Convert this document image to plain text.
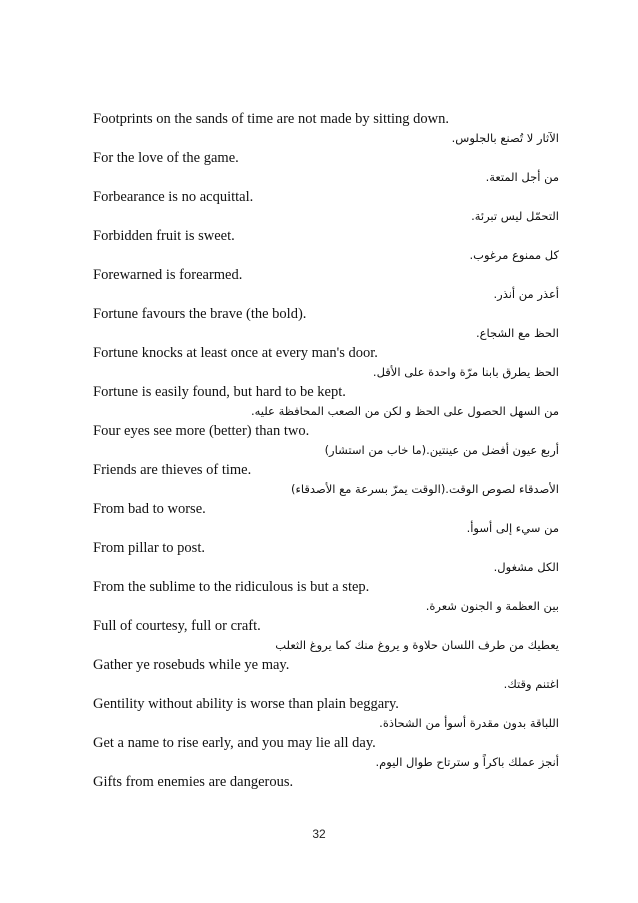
Footprints on the sands of time are not made by sitting down.

الآثار لا تُصنع بالجلوس.

For the love of the game.

من أجل المتعة.

Forbearance is no acquittal.

التحمّل ليس تبرئة.

Forbidden fruit is sweet.

كل ممنوع مرغوب.

Forewarned is forearmed.

أعذر من أنذر.

Fortune favours the brave (the bold).

الحظ مع الشجاع.

Fortune knocks at least once at every man's door.

الحظ يطرق بابنا مرّة واحدة على الأقل.

Fortune is easily found, but hard to be kept.

من السهل الحصول على الحظ و لكن من الصعب المحافظة عليه.

Four eyes see more (better) than two.

أربع عيون أفضل من عينتين.(ما خاب من استشار)

Friends are thieves of time.

الأصدقاء لصوص الوقت.(الوقت يمرّ بسرعة مع الأصدقاء)

From bad to worse.

من سيء إلى أسوأ.

From pillar to post.

الكل مشغول.

From the sublime to the ridiculous is but a step.

بين العظمة و الجنون شعرة.

Full of courtesy, full or craft.

يعطيك من طرف اللسان حلاوة و يروغ منك كما يروغ الثعلب

Gather ye rosebuds while ye may.

اغتنم وقتك.

Gentility without ability is worse than plain beggary.

اللباقة بدون مقدرة أسوأ من الشحاذة.

Get a name to rise early, and you may lie all day.

أنجز عملك باكراً و سترتاح طوال اليوم.

Gifts from enemies are dangerous.

32
